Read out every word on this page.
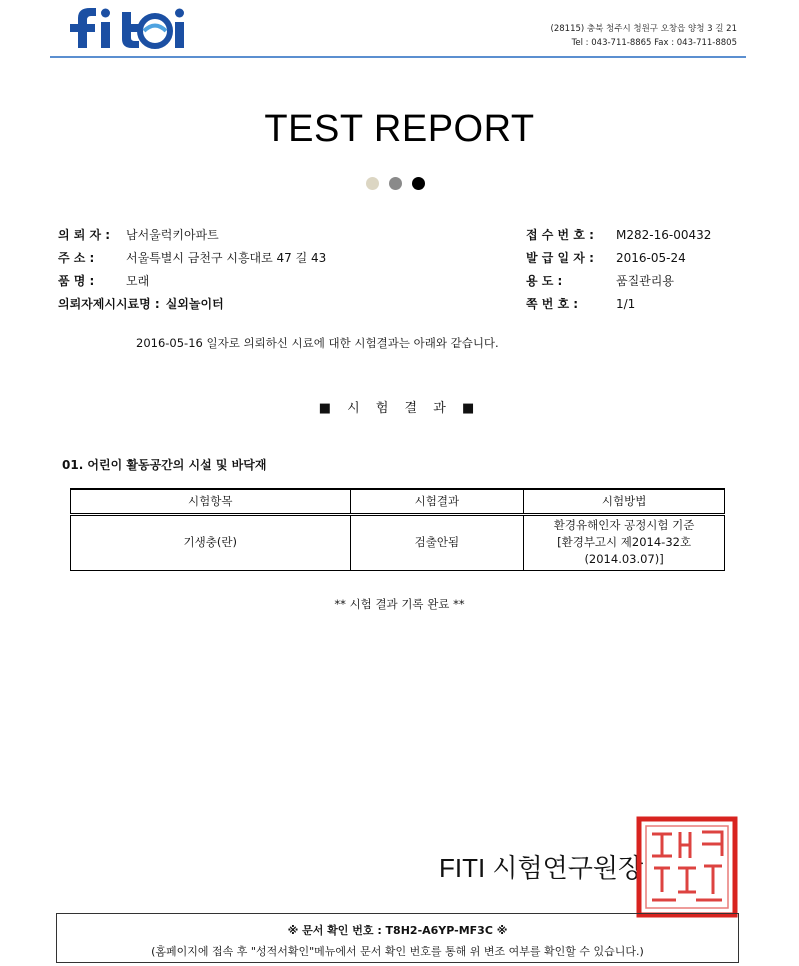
(28115) 충북 청주시 청원구 오창읍 양청 3 길 21
Tel : 043-711-8865 Fax : 043-711-8805
TEST REPORT
의 뢰 자 : 남서울럭키아파트
주 소 :	서울특별시 금천구 시흥대로 47 길 43
품 명 :	모래
의뢰자제시시료명 : 실외놀이터
접 수 번 호 : M282-16-00432
발 급 일 자 : 2016-05-24
용 도 :	품질관리용
쪽 번 호 :	1/1
2016-05-16 일자로 의뢰하신 시료에 대한 시험결과는 아래와 같습니다.
■ 시 험 결 과 ■
01. 어린이 활동공간의 시설 및 바닥재
시험항목	시험결과	시험방법
기생충(란)	검출안됨	환경유해인자 공정시험 기준
[환경부고시 제2014-32호
(2014.03.07)]
** 시험 결과 기록 완료 **
FITI 시험연구원장
※ 문서 확인 번호 : T8H2-A6YP-MF3C ※
(홈페이지에 접속 후 "성적서확인"메뉴에서 문서 확인 번호를 통해 위 변조 여부를 확인할 수 있습니다.)
